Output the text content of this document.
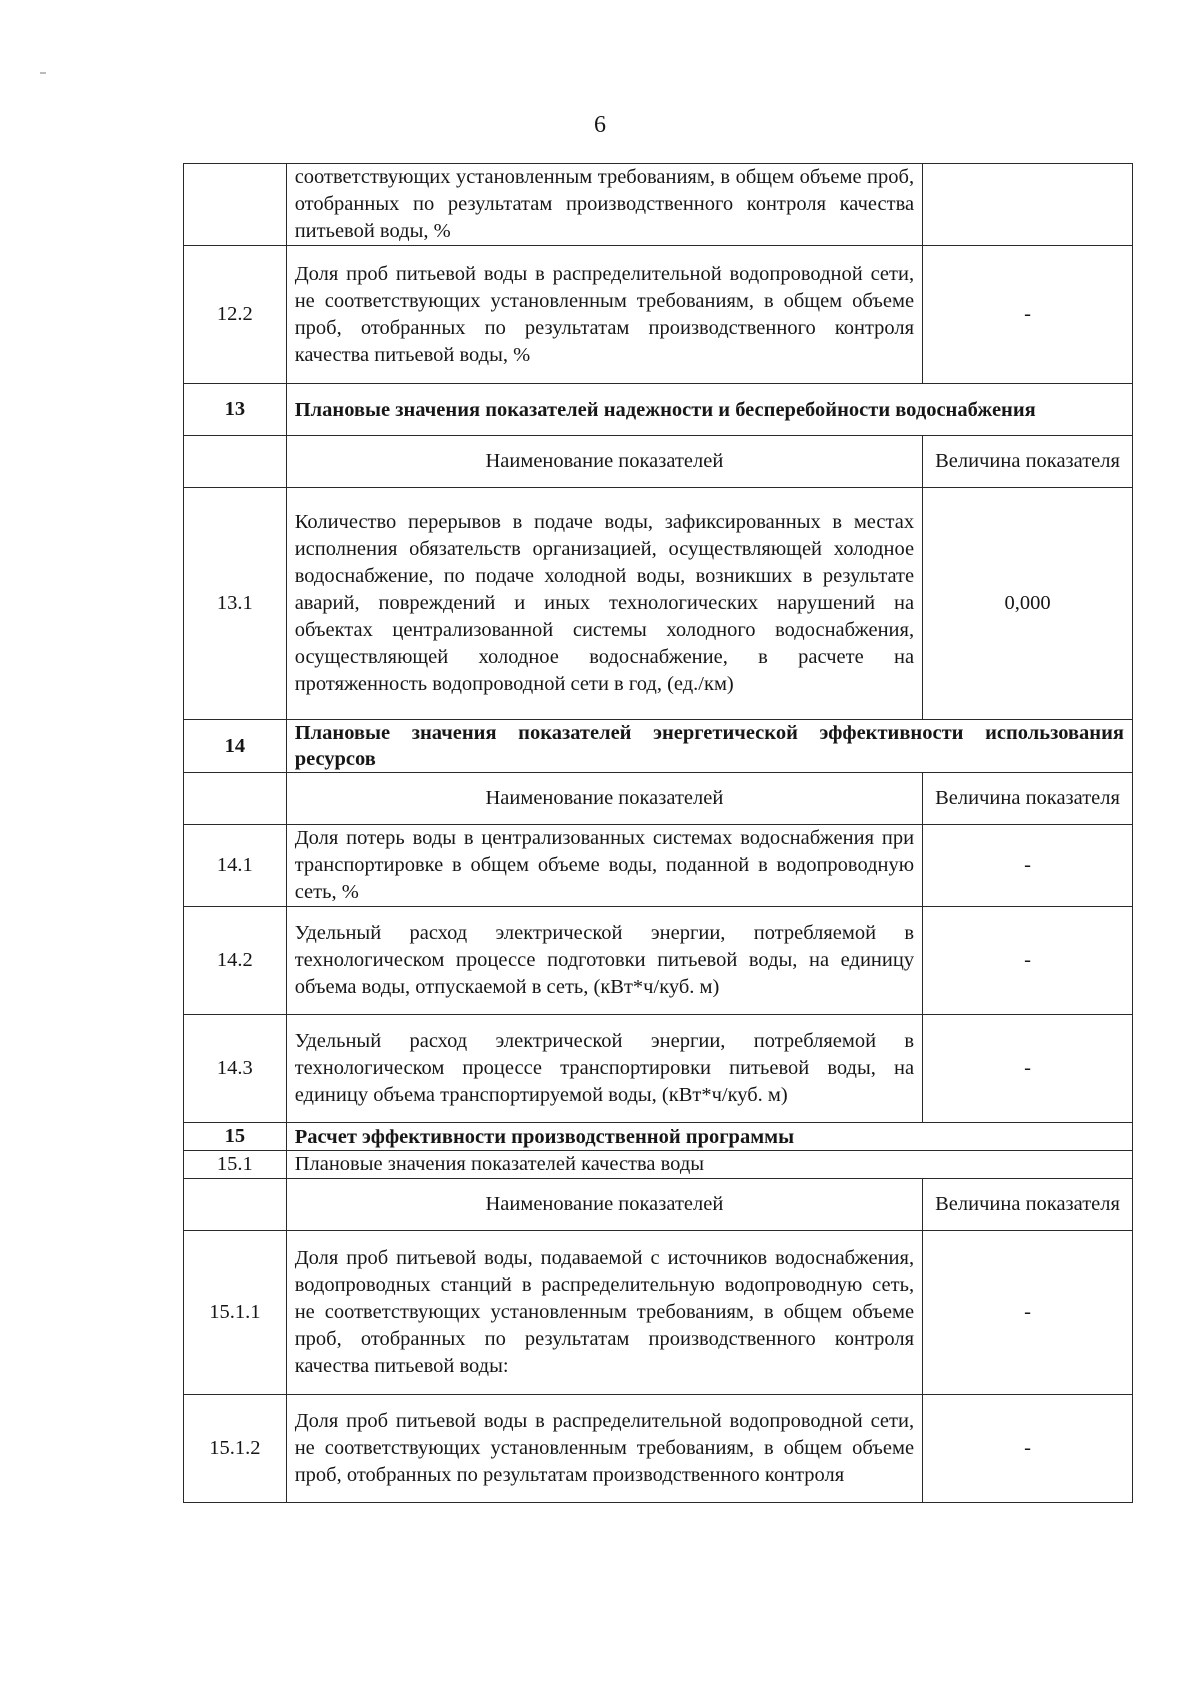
6
	соответствующих установленным требованиям, в общем объеме проб, отобранных по результатам производственного контроля качества питьевой воды, %	
12.2	Доля проб питьевой воды в распределительной водопроводной сети, не соответствующих установленным требованиям, в общем объеме проб, отобранных по результатам производственного контроля качества питьевой воды, %	-
13	Плановые значения показателей надежности и бесперебойности водоснабжения	
	Наименование показателей	Величина показателя
13.1	Количество перерывов в подаче воды, зафиксированных в местах исполнения обязательств организацией, осуществляющей холодное водоснабжение, по подаче холодной воды, возникших в результате аварий, повреждений и иных технологических нарушений на объектах централизованной системы холодного водоснабжения, осуществляющей холодное водоснабжение, в расчете на протяженность водопроводной сети в год, (ед./км)	0,000
14	Плановые значения показателей энергетической эффективности использования ресурсов	
	Наименование показателей	Величина показателя
14.1	Доля потерь воды в централизованных системах водоснабжения при транспортировке в общем объеме воды, поданной в водопроводную сеть, %	-
14.2	Удельный расход электрической энергии, потребляемой в технологическом процессе подготовки питьевой воды, на единицу объема воды, отпускаемой в сеть, (кВт*ч/куб. м)	-
14.3	Удельный расход электрической энергии, потребляемой в технологическом процессе транспортировки питьевой воды, на единицу объема транспортируемой воды, (кВт*ч/куб. м)	-
15	Расчет эффективности производственной программы	
15.1	Плановые значения показателей качества воды	
	Наименование показателей	Величина показателя
15.1.1	Доля проб питьевой воды, подаваемой с источников водоснабжения, водопроводных станций в распределительную водопроводную сеть, не соответствующих установленным требованиям, в общем объеме проб, отобранных по результатам производственного контроля качества питьевой воды:	-
15.1.2	Доля проб питьевой воды в распределительной водопроводной сети, не соответствующих установленным требованиям, в общем объеме проб, отобранных по результатам производственного контроля	-
